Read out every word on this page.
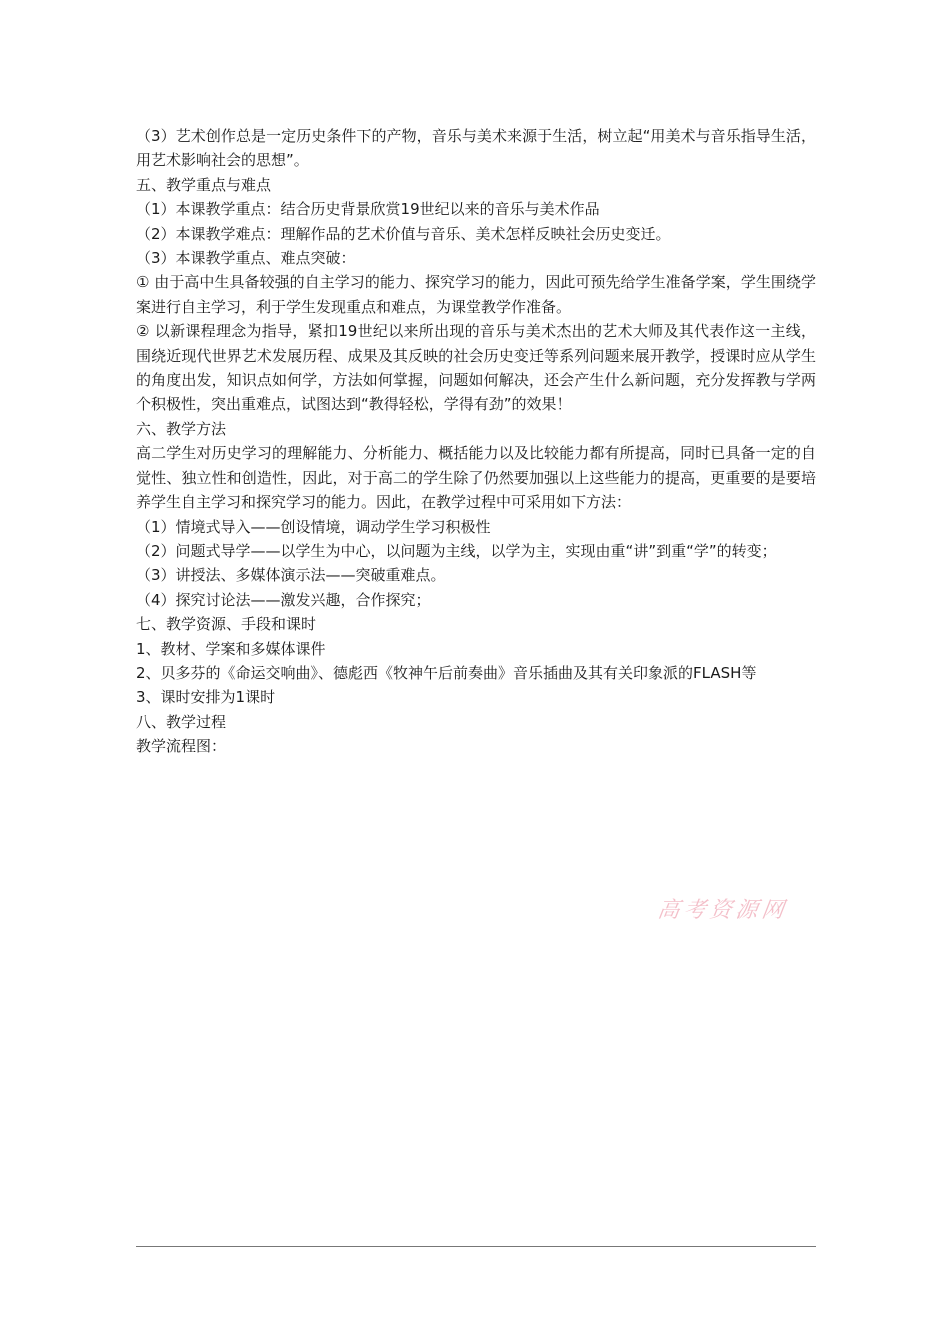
（3）艺术创作总是一定历史条件下的产物，音乐与美术来源于生活，树立起“用美术与音乐指导生活，用艺术影响社会的思想”。

五、教学重点与难点

（1）本课教学重点：结合历史背景欣赏19世纪以来的音乐与美术作品

（2）本课教学难点：理解作品的艺术价值与音乐、美术怎样反映社会历史变迁。

（3）本课教学重点、难点突破：

① 由于高中生具备较强的自主学习的能力、探究学习的能力，因此可预先给学生准备学案，学生围绕学案进行自主学习，利于学生发现重点和难点，为课堂教学作准备。

② 以新课程理念为指导，紧扣19世纪以来所出现的音乐与美术杰出的艺术大师及其代表作这一主线，围绕近现代世界艺术发展历程、成果及其反映的社会历史变迁等系列问题来展开教学，授课时应从学生的角度出发，知识点如何学，方法如何掌握，问题如何解决，还会产生什么新问题，充分发挥教与学两个积极性，突出重难点，试图达到“教得轻松，学得有劲”的效果！

六、教学方法

高二学生对历史学习的理解能力、分析能力、概括能力以及比较能力都有所提高，同时已具备一定的自觉性、独立性和创造性，因此，对于高二的学生除了仍然要加强以上这些能力的提高，更重要的是要培养学生自主学习和探究学习的能力。因此，在教学过程中可采用如下方法：

（1）情境式导入——创设情境，调动学生学习积极性

（2）问题式导学——以学生为中心，以问题为主线，以学为主，实现由重“讲”到重“学”的转变；

（3）讲授法、多媒体演示法——突破重难点。

（4）探究讨论法——激发兴趣，合作探究；

七、教学资源、手段和课时

1、教材、学案和多媒体课件

2、贝多芬的《命运交响曲》、德彪西《牧神午后前奏曲》音乐插曲及其有关印象派的FLASH等

3、课时安排为1课时

八、教学过程

教学流程图：

高考资源网
